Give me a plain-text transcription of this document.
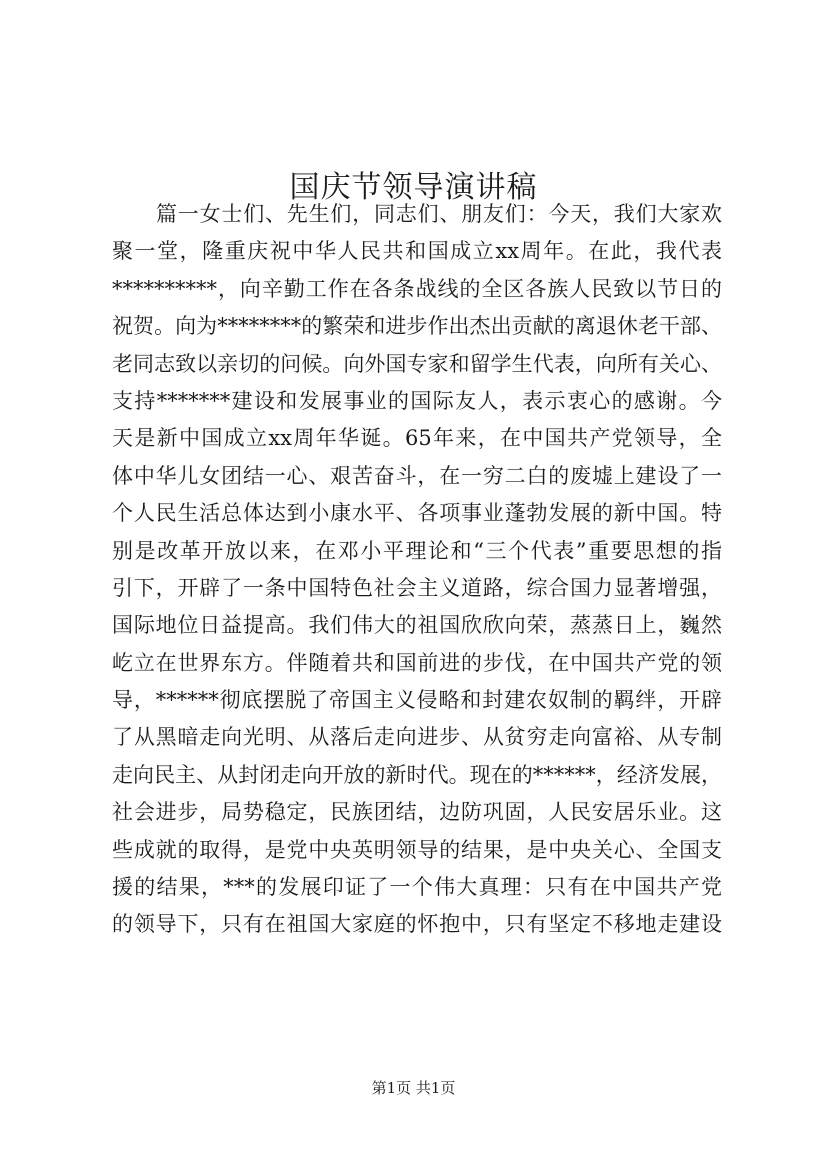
国庆节领导演讲稿
篇一女士们、先生们，同志们、朋友们：今天，我们大家欢
聚一堂，隆重庆祝中华人民共和国成立xx周年。在此，我代表
**********，向辛勤工作在各条战线的全区各族人民致以节日的
祝贺。向为********的繁荣和进步作出杰出贡献的离退休老干部、
老同志致以亲切的问候。向外国专家和留学生代表，向所有关心、
支持*******建设和发展事业的国际友人，表示衷心的感谢。今
天是新中国成立xx周年华诞。65年来，在中国共产党领导，全
体中华儿女团结一心、艰苦奋斗，在一穷二白的废墟上建设了一
个人民生活总体达到小康水平、各项事业蓬勃发展的新中国。特
别是改革开放以来，在邓小平理论和“三个代表”重要思想的指
引下，开辟了一条中国特色社会主义道路，综合国力显著增强，
国际地位日益提高。我们伟大的祖国欣欣向荣，蒸蒸日上，巍然
屹立在世界东方。伴随着共和国前进的步伐，在中国共产党的领
导，******彻底摆脱了帝国主义侵略和封建农奴制的羁绊，开辟
了从黑暗走向光明、从落后走向进步、从贫穷走向富裕、从专制
走向民主、从封闭走向开放的新时代。现在的******，经济发展，
社会进步，局势稳定，民族团结，边防巩固，人民安居乐业。这
些成就的取得，是党中央英明领导的结果，是中央关心、全国支
援的结果，***的发展印证了一个伟大真理：只有在中国共产党
的领导下，只有在祖国大家庭的怀抱中，只有坚定不移地走建设
第1页 共1页
